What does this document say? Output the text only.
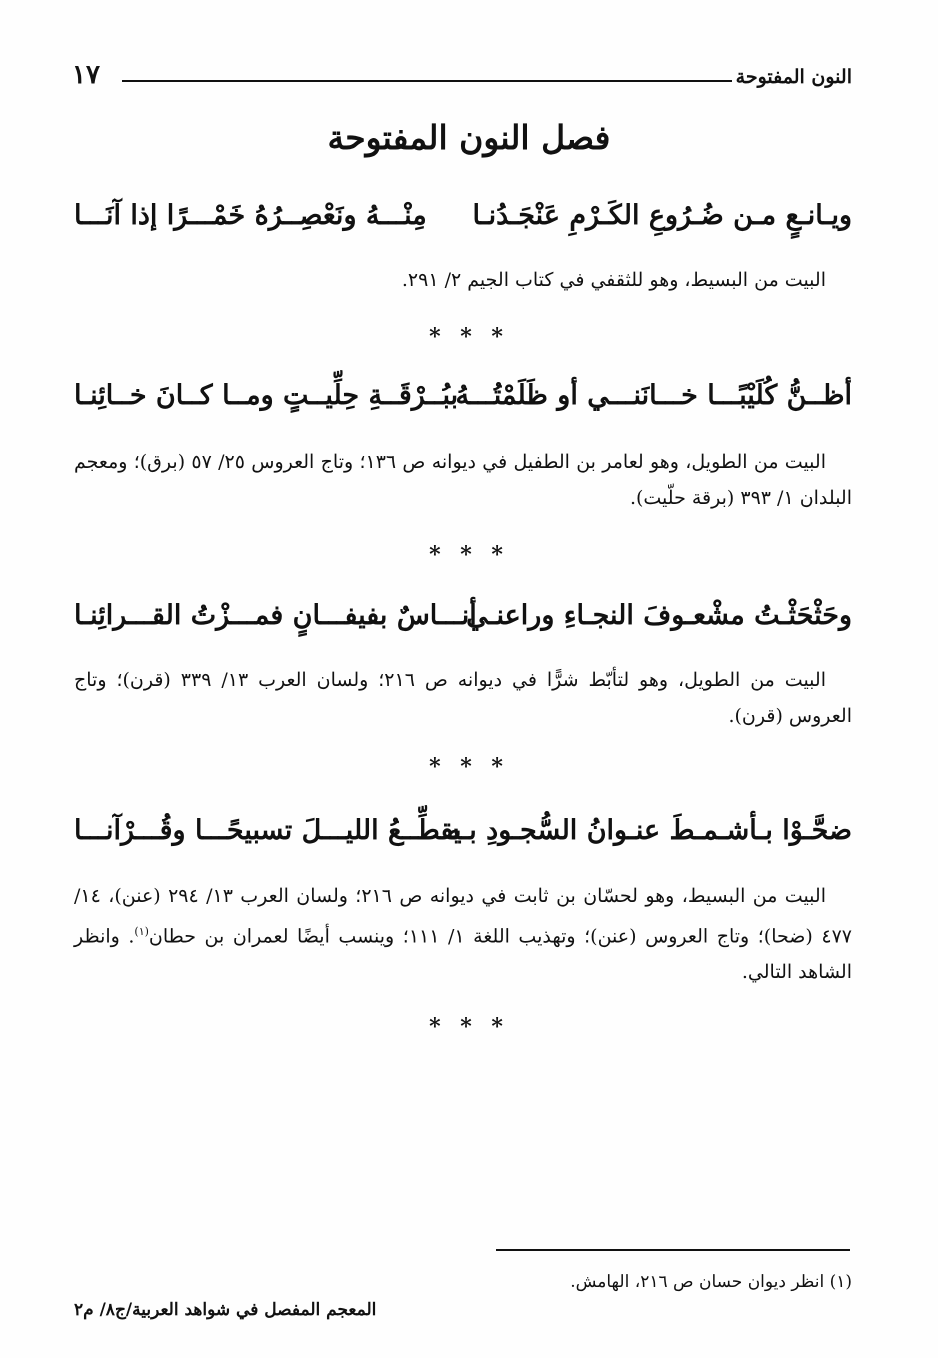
النون المفتوحة
١٧
فصل النون المفتوحة
ويـانـعٍ مـن ضُـرُوعِ الكَـرْمِ عَنْجَـدُنـا
مِنْـــهُ ونَعْصِــرُهُ خَمْـــرًا إذا آنَـــا
البيت من البسيط، وهو للثقفي في كتاب الجيم ٢/ ٢٩١.
* * *
أظــنُّ كُلَيْبًـــا خـــانَنـــي أو ظَلَمْتُـــهُ
ببُــرْقَــةِ حِلِّيــتٍ ومــا كــانَ خــائِنـا
البيت من الطويل، وهو لعامر بن الطفيل في ديوانه ص ١٣٦؛ وتاج العروس ٢٥/ ٥٧ (برق)؛ ومعجم البلدان ١/ ٣٩٣ (برقة حلّيت).
* * *
وحَثْحَثْـتُ مشْعـوفَ النجـاءِ وراعنـي
أنـــاسٌ بفيفـــانٍ فمـــزْتُ القـــرائِنـا
البيت من الطويل، وهو لتأبّط شرًّا في ديوانه ص ٢١٦؛ ولسان العرب ١٣/ ٣٣٩ (قرن)؛ وتاج العروس (قرن).
* * *
ضحَّـوْا بـأشـمـطَ عنـوانُ السُّجـودِ بـه
يقطِّــعُ الليـــلَ تسبيحًـــا وقُـــرْآنـــا
البيت من البسيط، وهو لحسّان بن ثابت في ديوانه ص ٢١٦؛ ولسان العرب ١٣/ ٢٩٤ (عنن)، ١٤/ ٤٧٧ (ضحا)؛ وتاج العروس (عنن)؛ وتهذيب اللغة ١/ ١١١؛ وينسب أيضًا لعمران بن حطان$^{(١)}$. وانظر الشاهد التالي.
* * *
(١) انظر ديوان حسان ص ٢١٦، الهامش.
المعجم المفصل في شواهد العربية/ج٨/ م٢
